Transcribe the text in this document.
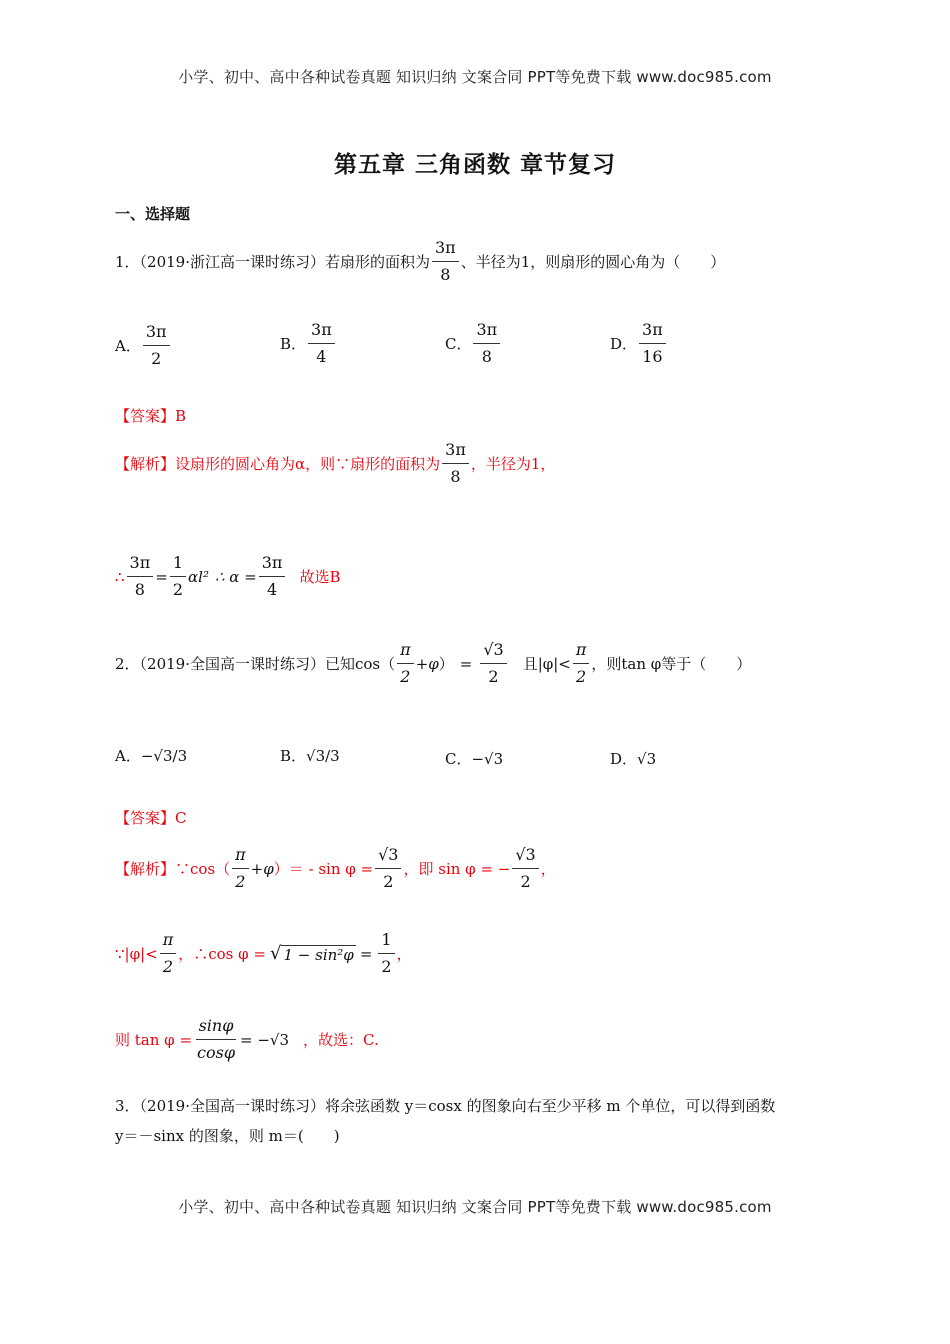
小学、初中、高中各种试卷真题 知识归纳 文案合同 PPT等免费下载 www.doc985.com
小学、初中、高中各种试卷真题 知识归纳 文案合同 PPT等免费下载 www.doc985.com
第五章 三角函数 章节复习
一、选择题
1．（2019·浙江高一课时练习）若扇形的面积为 $\frac{3\pi}{8}$ 、半径为1，则扇形的圆心角为（　　）
A． $\frac{3\pi}{2}$	B． $\frac{3\pi}{4}$	C． $\frac{3\pi}{8}$	D． $\frac{3\pi}{16}$
【答案】B
【解析】设扇形的圆心角为α，则∵扇形的面积为 $\frac{3\pi}{8}$ ，半径为1，
∴ $\frac{3\pi}{8} = \frac{1}{2} \alpha l^2$ ∴ $\alpha = \frac{3\pi}{4}$ 故选B
2．（2019·全国高一课时练习）已知$\cos( \frac{\pi}{2} +\varphi$ ） = $\frac{√3}{2}$ 且$|\varphi|< \frac{\pi}{2}$ ，则tan φ等于（　　）
A．−√3/3	B．√3/3	C．−√3	D．√3
【答案】C
【解析】∵cos（ $\frac{\pi}{2} +\varphi$ ）＝ - $\sin \varphi = \frac{√3}{2}$ ，即 sin φ = − $\frac{√3}{2}$ ，
∵|φ|< $\frac{\pi}{2}$ ，∴cos φ = √ $1 - \sin^2\varphi = \frac{1}{2}$ ，
则 $\tan \varphi = \frac{\sin\varphi}{\cos\varphi} = -√3$ ，故选：C.
3．（2019·全国高一课时练习）将余弦函数 y＝cosx 的图象向右至少平移 m 个单位，可以得到函数
y＝－sinx 的图象，则 m＝(　　)
